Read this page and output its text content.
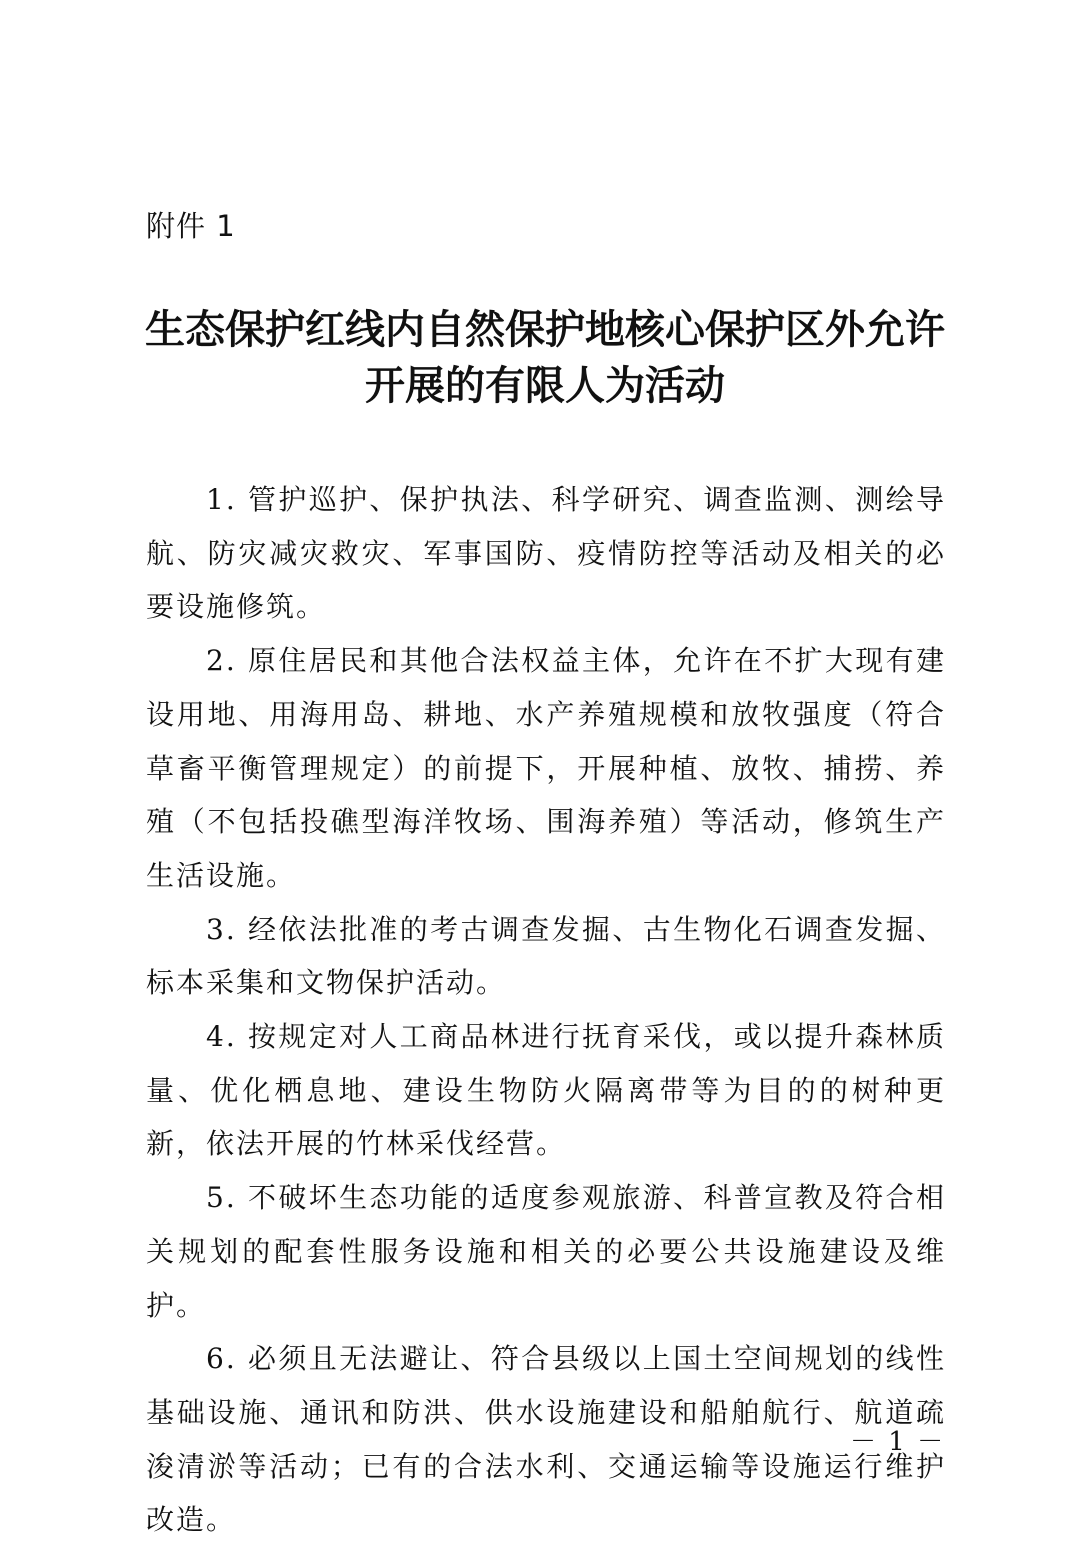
附件 1
生态保护红线内自然保护地核心保护区外允许
开展的有限人为活动

1. 管护巡护、保护执法、科学研究、调查监测、测绘导航、防灾减灾救灾、军事国防、疫情防控等活动及相关的必要设施修筑。

2. 原住居民和其他合法权益主体，允许在不扩大现有建设用地、用海用岛、耕地、水产养殖规模和放牧强度（符合草畜平衡管理规定）的前提下，开展种植、放牧、捕捞、养殖（不包括投礁型海洋牧场、围海养殖）等活动，修筑生产生活设施。

3. 经依法批准的考古调查发掘、古生物化石调查发掘、标本采集和文物保护活动。

4. 按规定对人工商品林进行抚育采伐，或以提升森林质量、优化栖息地、建设生物防火隔离带等为目的的树种更新，依法开展的竹林采伐经营。

5. 不破坏生态功能的适度参观旅游、科普宣教及符合相关规划的配套性服务设施和相关的必要公共设施建设及维护。

6. 必须且无法避让、符合县级以上国土空间规划的线性基础设施、通讯和防洪、供水设施建设和船舶航行、航道疏浚清淤等活动；已有的合法水利、交通运输等设施运行维护改造。

－ 1 －
